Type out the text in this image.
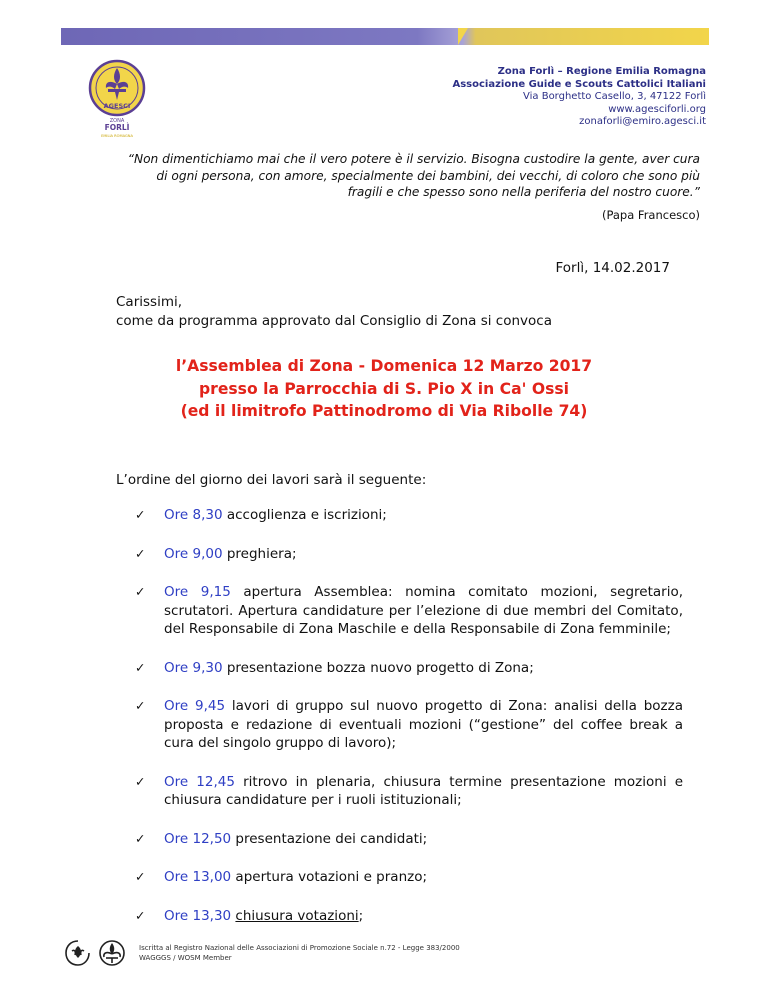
AGESCI
ZONA
FORLÌ
EMILIA ROMAGNA
Zona Forlì – Regione Emilia Romagna
Associazione Guide e Scouts Cattolici Italiani
Via Borghetto Casello, 3, 47122 Forlì
www.agesciforli.org
zonaforli@emiro.agesci.it
“Non dimentichiamo mai che il vero potere è il servizio. Bisogna custodire la gente, aver cura
di ogni persona, con amore, specialmente dei bambini, dei vecchi, di coloro che sono più
fragili e che spesso sono nella periferia del nostro cuore.”
(Papa Francesco)
Forlì, 14.02.2017
Carissimi,
come da programma approvato dal Consiglio di Zona si convoca
l’Assemblea di Zona - Domenica 12 Marzo 2017
presso la Parrocchia di S. Pio X in Ca' Ossi
(ed il limitrofo Pattinodromo di Via Ribolle 74)
L’ordine del giorno dei lavori sarà il seguente:
✓ Ore 8,30 accoglienza e iscrizioni;
✓ Ore 9,00 preghiera;
✓ Ore 9,15 apertura Assemblea: nomina comitato mozioni, segretario, scrutatori. Apertura candidature per l’elezione di due membri del Comitato, del Responsabile di Zona Maschile e della Responsabile di Zona femminile;
✓ Ore 9,30 presentazione bozza nuovo progetto di Zona;
✓ Ore 9,45 lavori di gruppo sul nuovo progetto di Zona: analisi della bozza proposta e redazione di eventuali mozioni (“gestione” del coffee break a cura del singolo gruppo di lavoro);
✓ Ore 12,45 ritrovo in plenaria, chiusura termine presentazione mozioni e chiusura candidature per i ruoli istituzionali;
✓ Ore 12,50 presentazione dei candidati;
✓ Ore 13,00 apertura votazioni e pranzo;
✓ Ore 13,30 chiusura votazioni;
Iscritta al Registro Nazional delle Associazioni di Promozione Sociale n.72 - Legge 383/2000
WAGGGS / WOSM Member
